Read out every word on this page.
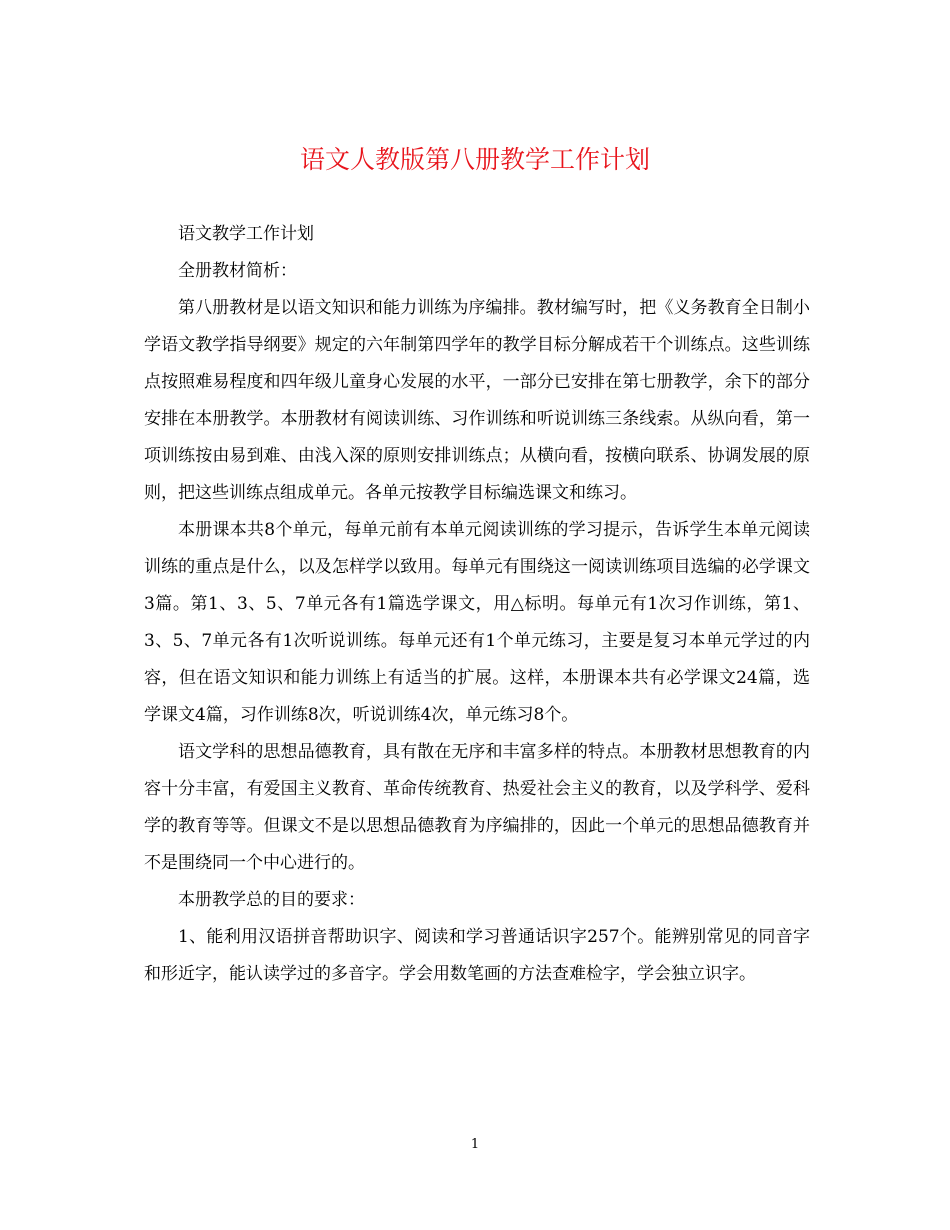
语文人教版第八册教学工作计划

语文教学工作计划

全册教材简析：

第八册教材是以语文知识和能力训练为序编排。教材编写时，把《义务教育全日制小学语文教学指导纲要》规定的六年制第四学年的教学目标分解成若干个训练点。这些训练点按照难易程度和四年级儿童身心发展的水平，一部分已安排在第七册教学，余下的部分安排在本册教学。本册教材有阅读训练、习作训练和听说训练三条线索。从纵向看，第一项训练按由易到难、由浅入深的原则安排训练点；从横向看，按横向联系、协调发展的原则，把这些训练点组成单元。各单元按教学目标编选课文和练习。

本册课本共8个单元，每单元前有本单元阅读训练的学习提示，告诉学生本单元阅读训练的重点是什么，以及怎样学以致用。每单元有围绕这一阅读训练项目选编的必学课文3篇。第1、3、5、7单元各有1篇选学课文，用△标明。每单元有1次习作训练，第1、3、5、7单元各有1次听说训练。每单元还有1个单元练习，主要是复习本单元学过的内容，但在语文知识和能力训练上有适当的扩展。这样，本册课本共有必学课文24篇，选学课文4篇，习作训练8次，听说训练4次，单元练习8个。

语文学科的思想品德教育，具有散在无序和丰富多样的特点。本册教材思想教育的内容十分丰富，有爱国主义教育、革命传统教育、热爱社会主义的教育，以及学科学、爱科学的教育等等。但课文不是以思想品德教育为序编排的，因此一个单元的思想品德教育并不是围绕同一个中心进行的。

本册教学总的目的要求：

1、能利用汉语拼音帮助识字、阅读和学习普通话识字257个。能辨别常见的同音字和形近字，能认读学过的多音字。学会用数笔画的方法查难检字，学会独立识字。

1
